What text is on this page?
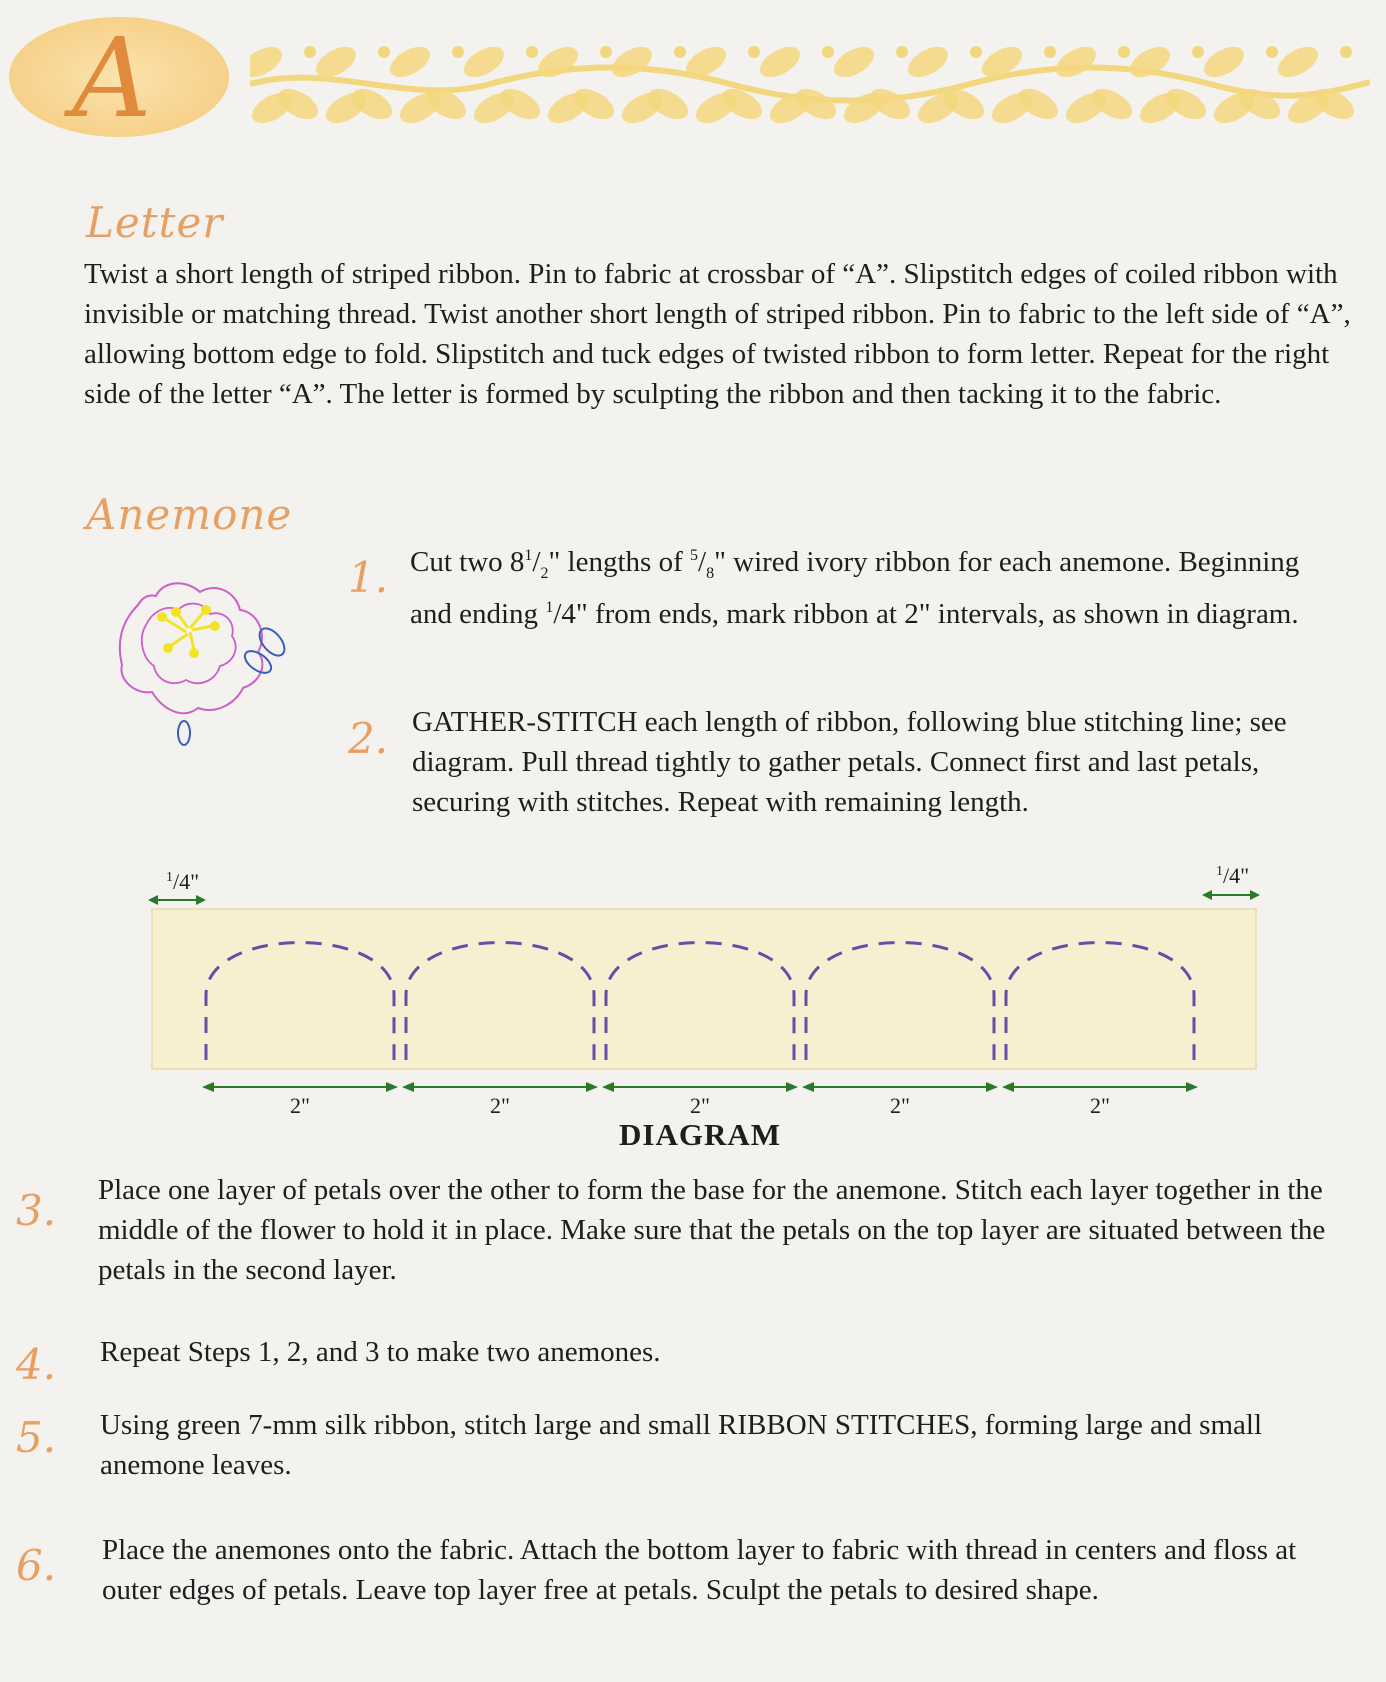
A
Letter

Twist a short length of striped ribbon. Pin to fabric at crossbar of “A”. Slipstitch edges of coiled ribbon with invisible or matching thread. Twist another short length of striped ribbon. Pin to fabric to the left side of “A”, allowing bottom edge to fold. Slipstitch and tuck edges of twisted ribbon to form letter. Repeat for the right side of the letter “A”. The letter is formed by sculpting the ribbon and then tacking it to the fabric.

Anemone
1. Cut two $8^1/_2$" lengths of $^5/_8$" wired ivory ribbon for each anemone. Beginning and ending $^1$/4" from ends, mark ribbon at 2" intervals, as shown in diagram.

2. GATHER-STITCH each length of ribbon, following blue stitching line; see diagram. Pull thread tightly to gather petals. Connect first and last petals, securing with stitches. Repeat with remaining length.

$^1$/4"	$^1$/4"
2"	2"	2"	2"	2"
DIAGRAM
3. Place one layer of petals over the other to form the base for the anemone. Stitch each layer together in the middle of the flower to hold it in place. Make sure that the petals on the top layer are situated between the petals in the second layer.

4. Repeat Steps 1, 2, and 3 to make two anemones.

5. Using green 7-mm silk ribbon, stitch large and small RIBBON STITCHES, forming large and small anemone leaves.

6. Place the anemones onto the fabric. Attach the bottom layer to fabric with thread in centers and floss at outer edges of petals. Leave top layer free at petals. Sculpt the petals to desired shape.
